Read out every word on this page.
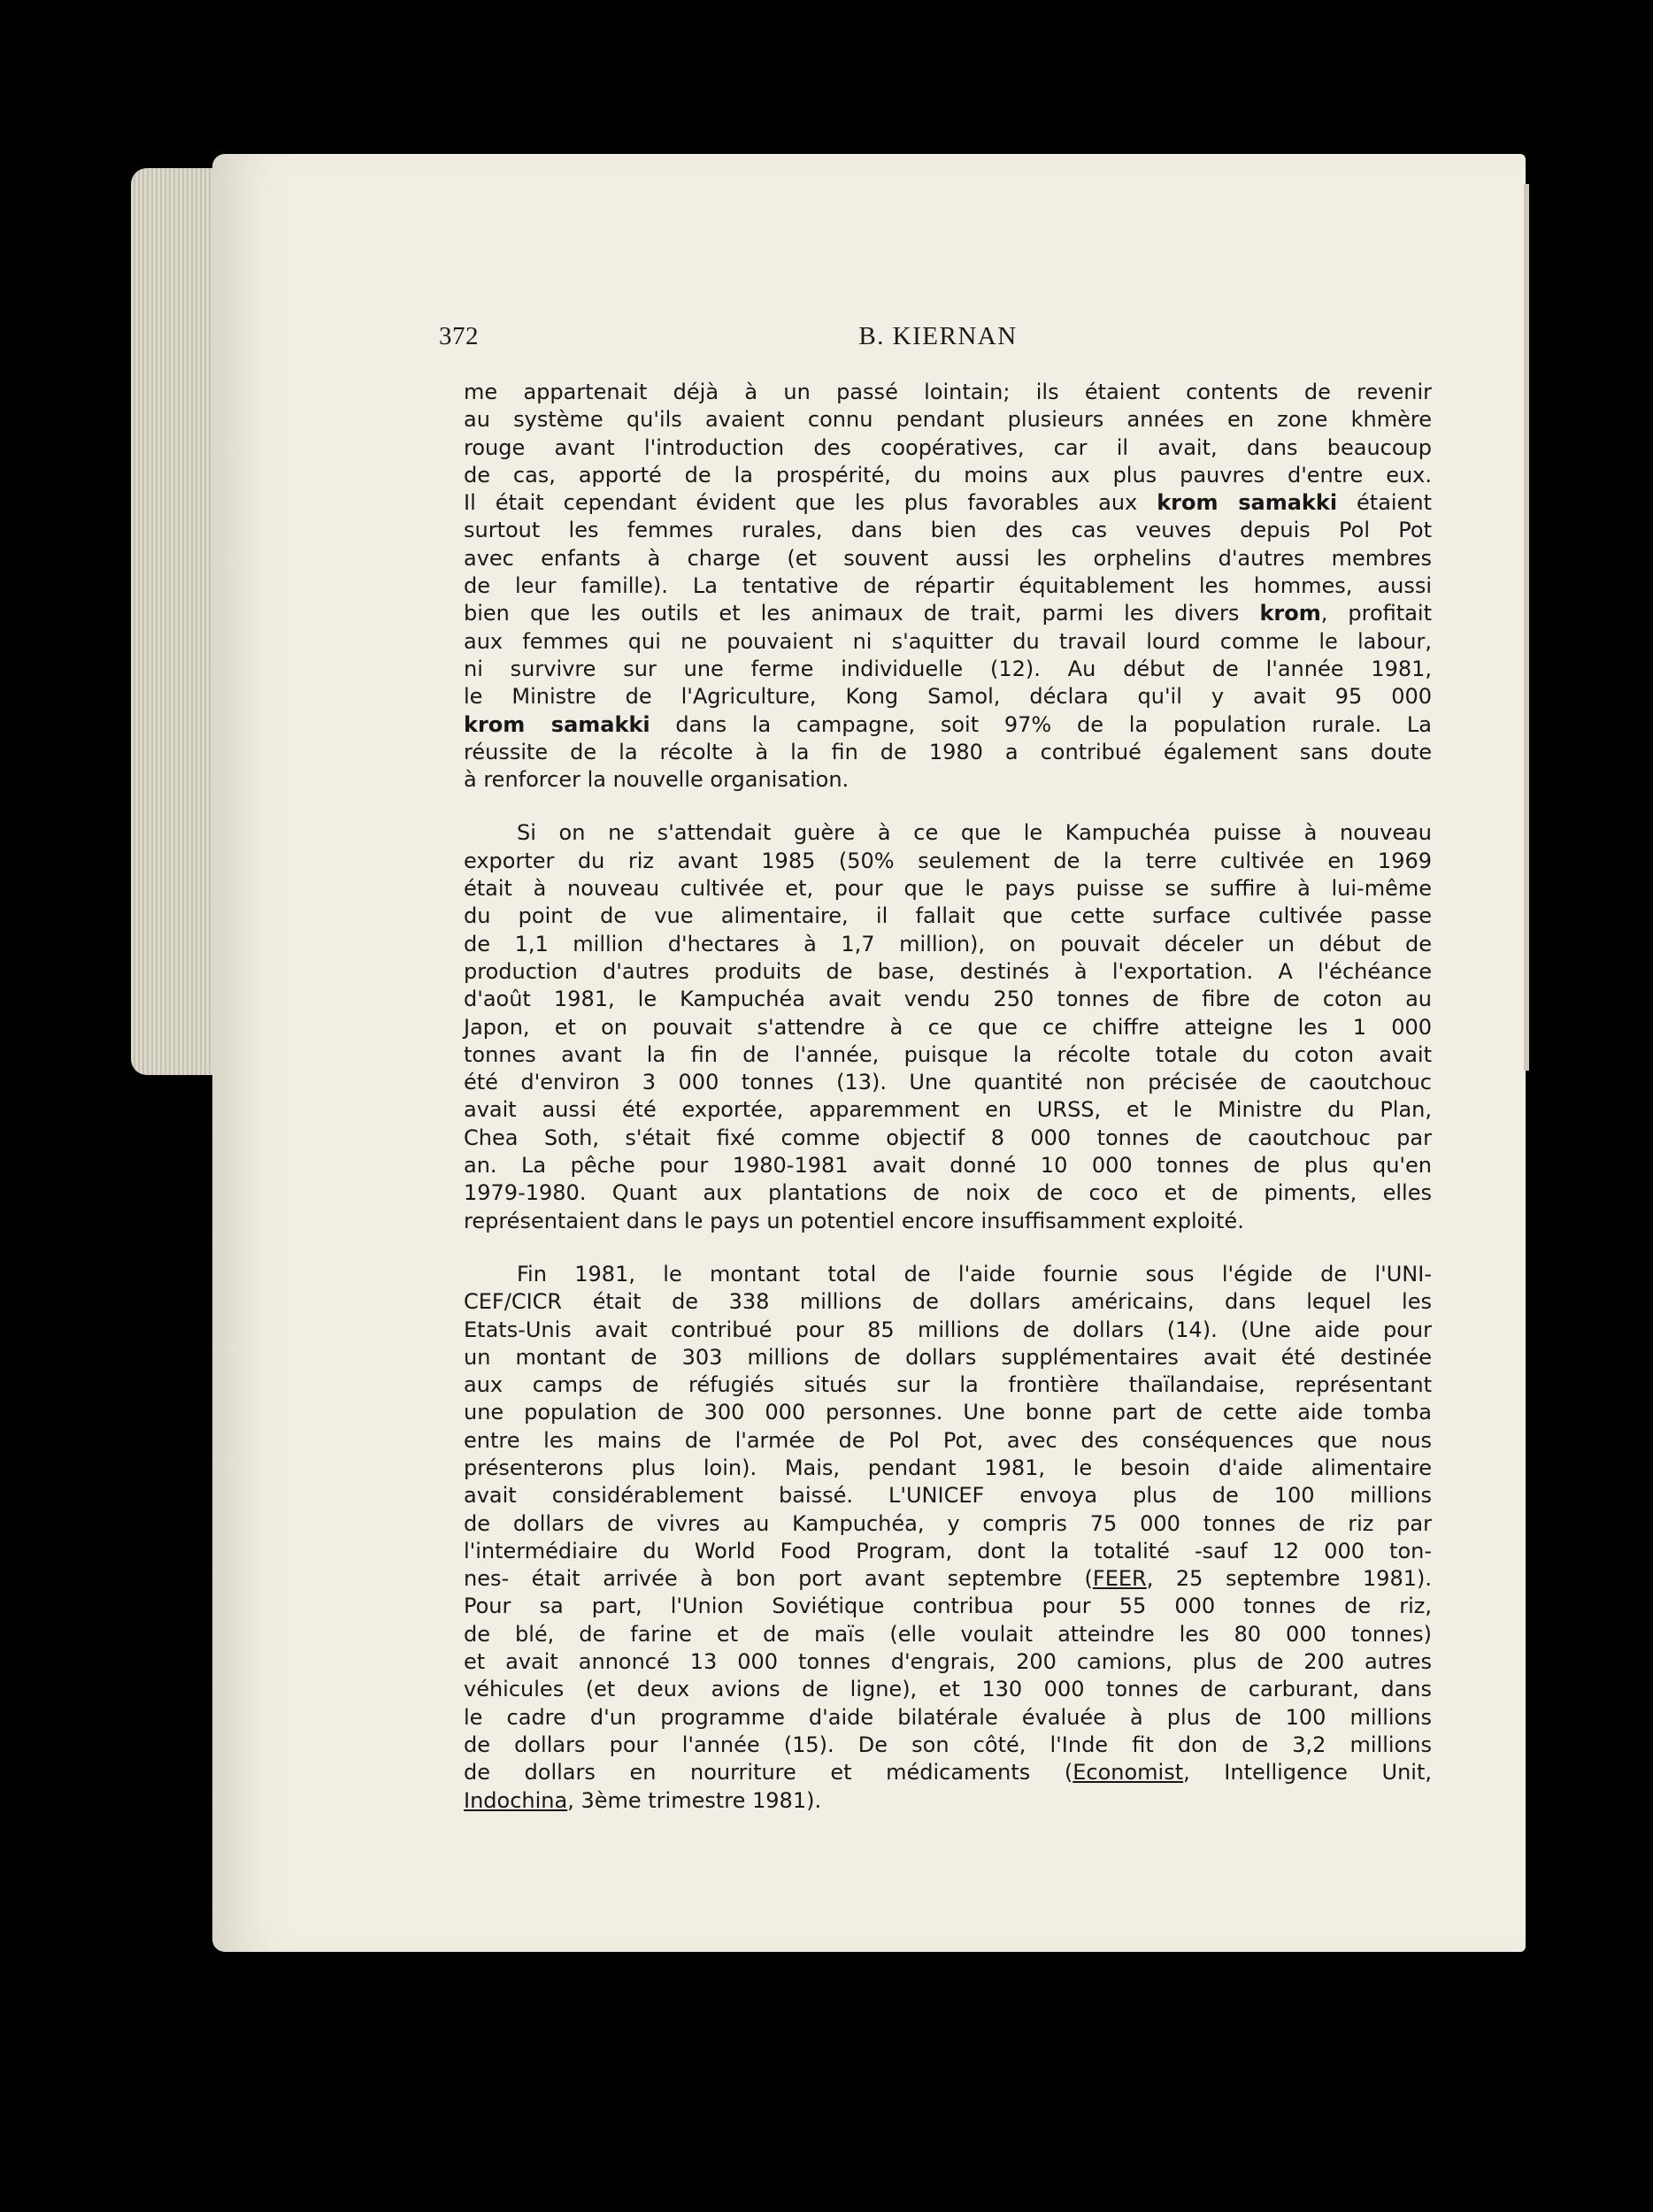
372	B. KIERNAN
me appartenait déjà à un passé lointain; ils étaient contents de revenir
au système qu'ils avaient connu pendant plusieurs années en zone khmère
rouge avant l'introduction des coopératives, car il avait, dans beaucoup
de cas, apporté de la prospérité, du moins aux plus pauvres d'entre eux.
Il était cependant évident que les plus favorables aux krom samakki étaient
surtout les femmes rurales, dans bien des cas veuves depuis Pol Pot
avec enfants à charge (et souvent aussi les orphelins d'autres membres
de leur famille). La tentative de répartir équitablement les hommes, aussi
bien que les outils et les animaux de trait, parmi les divers krom, profitait
aux femmes qui ne pouvaient ni s'aquitter du travail lourd comme le labour,
ni survivre sur une ferme individuelle (12). Au début de l'année 1981,
le Ministre de l'Agriculture, Kong Samol, déclara qu'il y avait 95 000
krom samakki dans la campagne, soit 97% de la population rurale. La
réussite de la récolte à la fin de 1980 a contribué également sans doute
à renforcer la nouvelle organisation.
Si on ne s'attendait guère à ce que le Kampuchéa puisse à nouveau
exporter du riz avant 1985 (50% seulement de la terre cultivée en 1969
était à nouveau cultivée et, pour que le pays puisse se suffire à lui-même
du point de vue alimentaire, il fallait que cette surface cultivée passe
de 1,1 million d'hectares à 1,7 million), on pouvait déceler un début de
production d'autres produits de base, destinés à l'exportation. A l'échéance
d'août 1981, le Kampuchéa avait vendu 250 tonnes de fibre de coton au
Japon, et on pouvait s'attendre à ce que ce chiffre atteigne les 1 000
tonnes avant la fin de l'année, puisque la récolte totale du coton avait
été d'environ 3 000 tonnes (13). Une quantité non précisée de caoutchouc
avait aussi été exportée, apparemment en URSS, et le Ministre du Plan,
Chea Soth, s'était fixé comme objectif 8 000 tonnes de caoutchouc par
an. La pêche pour 1980-1981 avait donné 10 000 tonnes de plus qu'en
1979-1980. Quant aux plantations de noix de coco et de piments, elles
représentaient dans le pays un potentiel encore insuffisamment exploité.
Fin 1981, le montant total de l'aide fournie sous l'égide de l'UNI-
CEF/CICR était de 338 millions de dollars américains, dans lequel les
Etats-Unis avait contribué pour 85 millions de dollars (14). (Une aide pour
un montant de 303 millions de dollars supplémentaires avait été destinée
aux camps de réfugiés situés sur la frontière thaïlandaise, représentant
une population de 300 000 personnes. Une bonne part de cette aide tomba
entre les mains de l'armée de Pol Pot, avec des conséquences que nous
présenterons plus loin). Mais, pendant 1981, le besoin d'aide alimentaire
avait considérablement baissé. L'UNICEF envoya plus de 100 millions
de dollars de vivres au Kampuchéa, y compris 75 000 tonnes de riz par
l'intermédiaire du World Food Program, dont la totalité -sauf 12 000 ton-
nes- était arrivée à bon port avant septembre (FEER, 25 septembre 1981).
Pour sa part, l'Union Soviétique contribua pour 55 000 tonnes de riz,
de blé, de farine et de maïs (elle voulait atteindre les 80 000 tonnes)
et avait annoncé 13 000 tonnes d'engrais, 200 camions, plus de 200 autres
véhicules (et deux avions de ligne), et 130 000 tonnes de carburant, dans
le cadre d'un programme d'aide bilatérale évaluée à plus de 100 millions
de dollars pour l'année (15). De son côté, l'Inde fit don de 3,2 millions
de dollars en nourriture et médicaments (Economist, Intelligence Unit,
Indochina, 3ème trimestre 1981).
